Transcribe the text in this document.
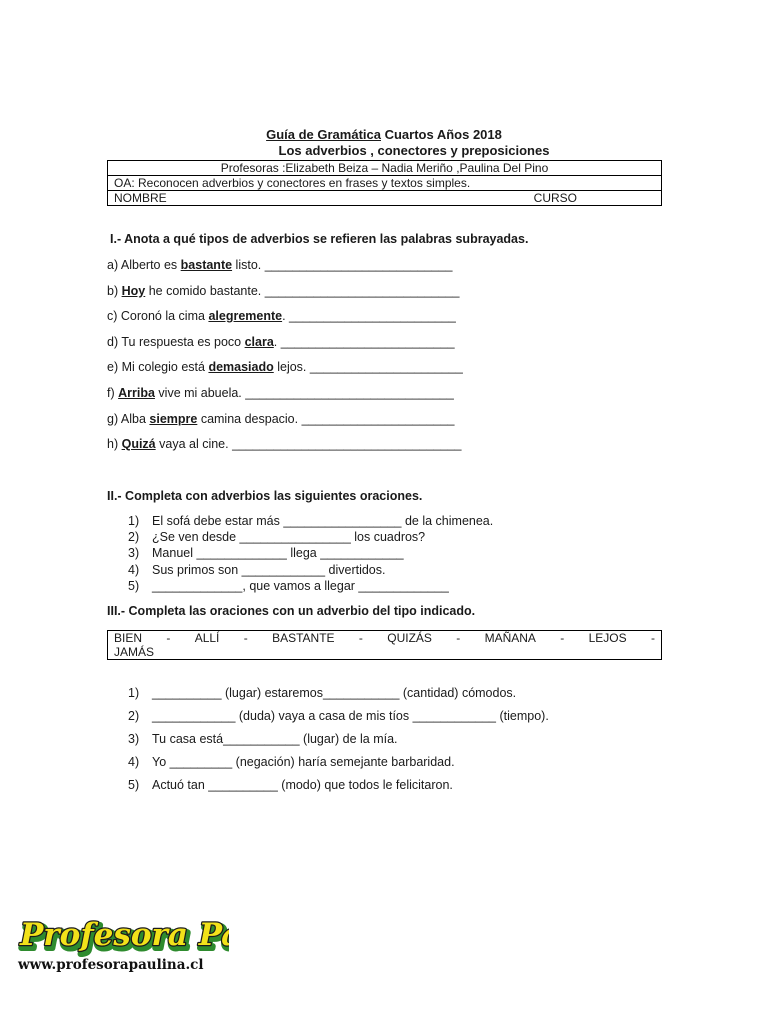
Guía de Gramática Cuartos Años 2018
Los adverbios , conectores y preposiciones
Profesoras :Elizabeth Beiza – Nadia Meriño ,Paulina Del Pino
OA: Reconocen adverbios y conectores en frases y textos simples.

NOMBRE	CURSO
I.- Anota a qué tipos de adverbios se refieren las palabras subrayadas.
a) Alberto es bastante listo. ___________________________
b) Hoy he comido bastante. ____________________________
c) Coronó la cima alegremente. ________________________
d) Tu respuesta es poco clara. _________________________
e) Mi colegio está demasiado lejos. ______________________
f) Arriba vive mi abuela. ______________________________
g) Alba siempre camina despacio. ______________________
h) Quizá vaya al cine. _________________________________
II.- Completa con adverbios las siguientes oraciones.
1) El sofá debe estar más _________________ de la chimenea.
2) ¿Se ven desde ________________ los cuadros?
3) Manuel _____________ llega ____________
4) Sus primos son ____________ divertidos.
5) _____________, que vamos a llegar _____________
III.- Completa las oraciones con un adverbio del tipo indicado.
BIEN - ALLÍ - BASTANTE - QUIZÁS - MAÑANA - LEJOS -
JAMÁS
1) __________ (lugar) estaremos___________ (cantidad) cómodos.
2) ____________ (duda) vaya a casa de mis tíos ____________ (tiempo).
3) Tu casa está___________ (lugar) de la mía.
4) Yo _________ (negación) haría semejante barbaridad.
5) Actuó tan __________ (modo) que todos le felicitaron.
Profesora P
Profesora P
www.profesorapaulina.cl
